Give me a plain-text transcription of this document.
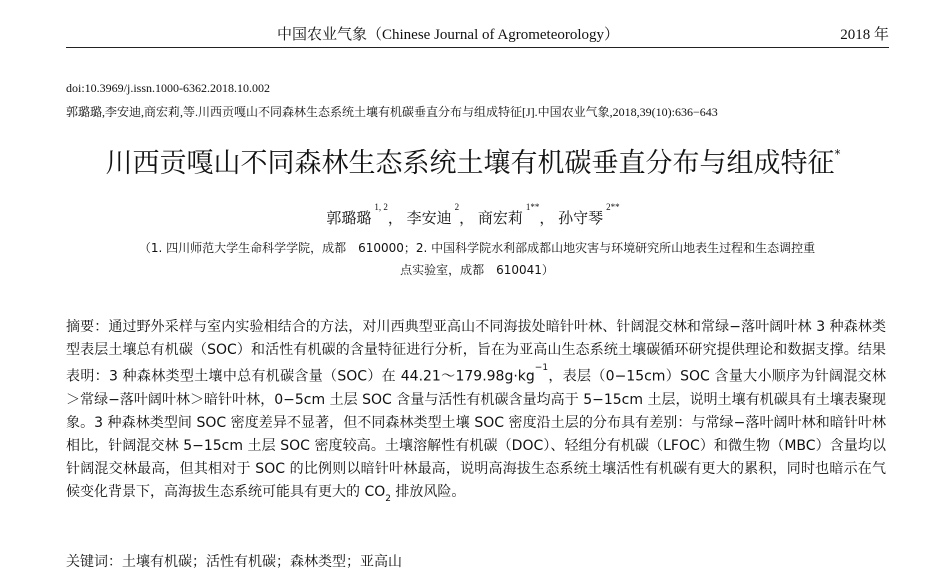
中国农业气象（Chinese Journal of Agrometeorology）	2018 年
doi:10.3969/j.issn.1000-6362.2018.10.002
郭璐璐,李安迪,商宏莉,等.川西贡嘎山不同森林生态系统土壤有机碳垂直分布与组成特征[J].中国农业气象,2018,39(10):636−643
川西贡嘎山不同森林生态系统土壤有机碳垂直分布与组成特征*
郭璐璐$^{1, 2}$， 李安迪$^2$， 商宏莉$^{1**}$， 孙守琴$^{2**}$
（1. 四川师范大学生命科学学院，成都　610000；2. 中国科学院水利部成都山地灾害与环境研究所山地表生过程和生态调控重
点实验室，成都　610041）
摘要：通过野外采样与室内实验相结合的方法，对川西典型亚高山不同海拔处暗针叶林、针阔混交林和常绿−落叶阔叶林 3 种森林类型表层土壤总有机碳（SOC）和活性有机碳的含量特征进行分析，旨在为亚高山生态系统土壤碳循环研究提供理论和数据支撑。结果表明：3 种森林类型土壤中总有机碳含量（SOC）在 $44.21\sim 179.98g\cdot kg^{-1}$，表层（0−15cm）SOC 含量大小顺序为针阔混交林＞常绿−落叶阔叶林＞暗针叶林，0−5cm 土层 SOC 含量与活性有机碳含量均高于 5−15cm 土层，说明土壤有机碳具有土壤表聚现象。3 种森林类型间 SOC 密度差异不显著，但不同森林类型土壤 SOC 密度沿土层的分布具有差别：与常绿−落叶阔叶林和暗针叶林相比，针阔混交林 5−15cm 土层 SOC 密度较高。土壤溶解性有机碳（DOC）、轻组分有机碳（LFOC）和微生物（MBC）含量均以针阔混交林最高，但其相对于 SOC 的比例则以暗针叶林最高，说明高海拔生态系统土壤活性有机碳有更大的累积，同时也暗示在气候变化背景下，高海拔生态系统可能具有更大的 $CO_2$ 排放风险。
关键词：土壤有机碳；活性有机碳；森林类型；亚高山
